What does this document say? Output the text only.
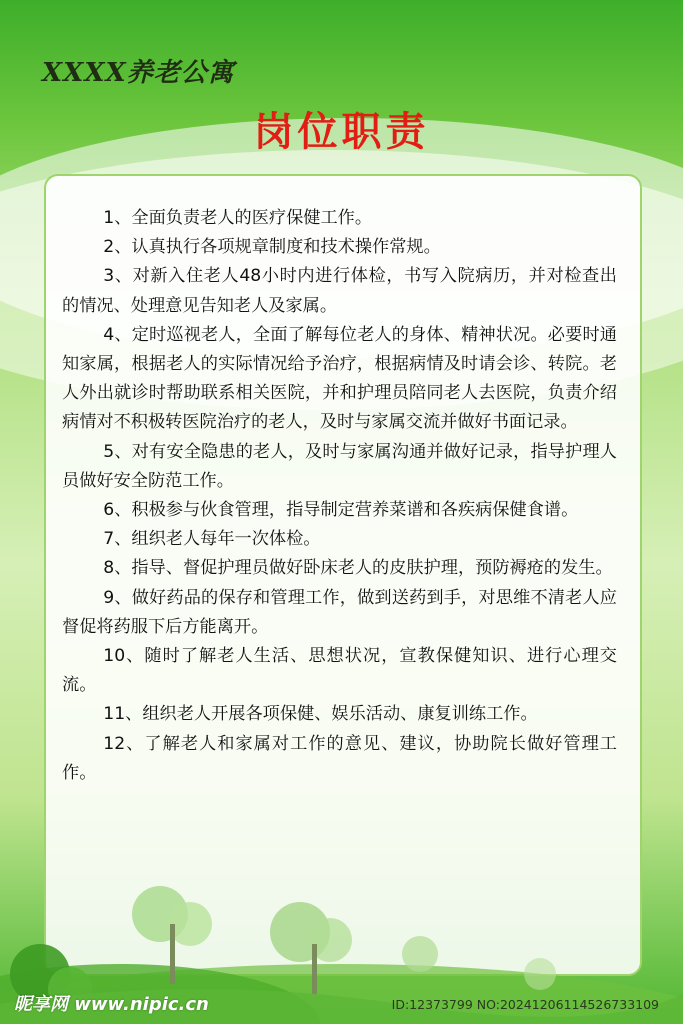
XXXX养老公寓
岗位职责

1、全面负责老人的医疗保健工作。

2、认真执行各项规章制度和技术操作常规。

3、对新入住老人48小时内进行体检，书写入院病历，并对检查出的情况、处理意见告知老人及家属。

4、定时巡视老人，全面了解每位老人的身体、精神状况。必要时通知家属，根据老人的实际情况给予治疗，根据病情及时请会诊、转院。老人外出就诊时帮助联系相关医院，并和护理员陪同老人去医院，负责介绍病情对不积极转医院治疗的老人，及时与家属交流并做好书面记录。

5、对有安全隐患的老人，及时与家属沟通并做好记录，指导护理人员做好安全防范工作。

6、积极参与伙食管理，指导制定营养菜谱和各疾病保健食谱。

7、组织老人每年一次体检。

8、指导、督促护理员做好卧床老人的皮肤护理，预防褥疮的发生。

9、做好药品的保存和管理工作，做到送药到手，对思维不清老人应督促将药服下后方能离开。

10、随时了解老人生活、思想状况，宣教保健知识、进行心理交流。

11、组织老人开展各项保健、娱乐活动、康复训练工作。

12、了解老人和家属对工作的意见、建议，协助院长做好管理工作。

昵享网 www.nipic.cn	ID:12373799 NO:20241206114526733109
